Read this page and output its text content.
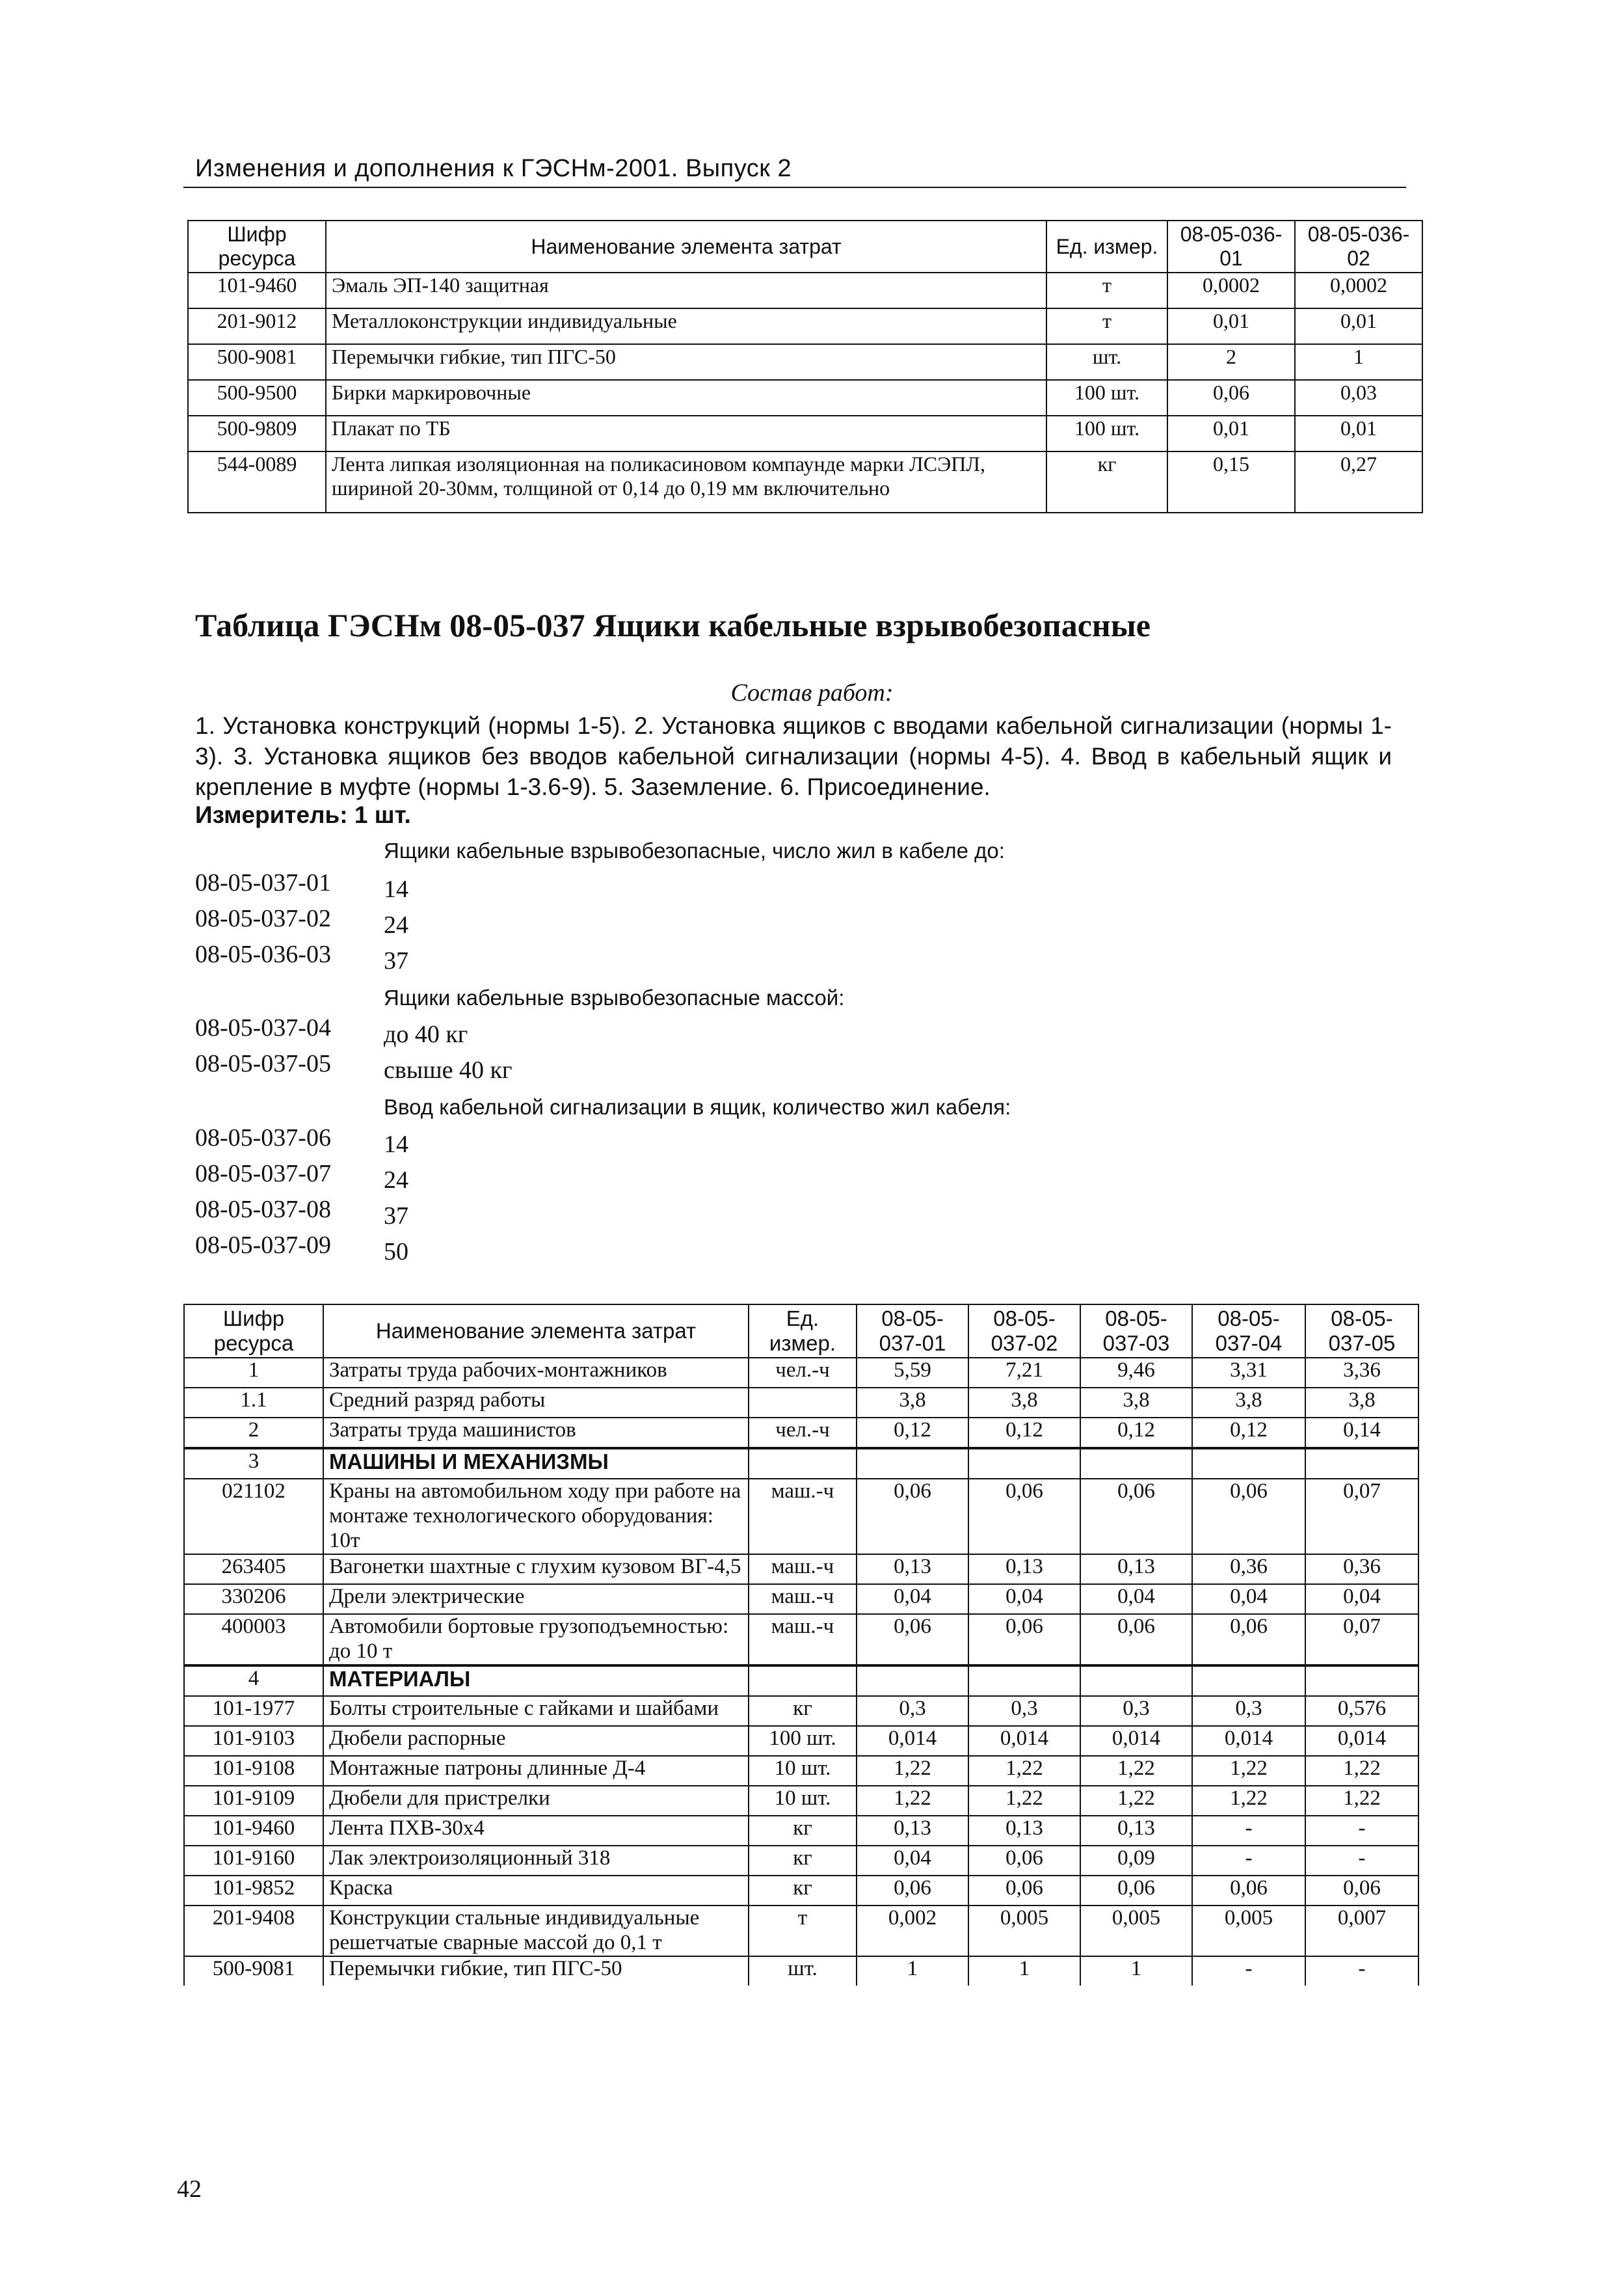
Изменения и дополнения к ГЭСНм-2001. Выпуск 2
Шифр ресурса	Наименование элемента затрат	Ед. измер.	08-05-036-01	08-05-036-02
101-9460	Эмаль ЭП-140 защитная	т	0,0002	0,0002
201-9012	Металлоконструкции индивидуальные	т	0,01	0,01
500-9081	Перемычки гибкие, тип ПГС-50	шт.	2	1
500-9500	Бирки маркировочные	100 шт.	0,06	0,03
500-9809	Плакат по ТБ	100 шт.	0,01	0,01
544-0089	Лента липкая изоляционная на поликасиновом компаунде марки ЛСЭПЛ, шириной 20-30мм, толщиной от 0,14 до 0,19 мм включительно	кг	0,15	0,27
Таблица ГЭСНм 08-05-037 Ящики кабельные взрывобезопасные
Состав работ:
1. Установка конструкций (нормы 1-5). 2. Установка ящиков с вводами кабельной сигнализации (нормы 1-3). 3. Установка ящиков без вводов кабельной сигнализации (нормы 4-5). 4. Ввод в кабельный ящик и крепление в муфте (нормы 1-3.6-9). 5. Заземление. 6. Присоединение.
Измеритель: 1 шт.
Ящики кабельные взрывобезопасные, число жил в кабеле до:
08-05-037-01 14
08-05-037-02 24
08-05-036-03 37
Ящики кабельные взрывобезопасные массой:
08-05-037-04 до 40 кг
08-05-037-05 свыше 40 кг
Ввод кабельной сигнализации в ящик, количество жил кабеля:
08-05-037-06 14
08-05-037-07 24
08-05-037-08 37
08-05-037-09 50
Шифр ресурса	Наименование элемента затрат	Ед. измер.	08-05-037-01	08-05-037-02	08-05-037-03	08-05-037-04	08-05-037-05
1	Затраты труда рабочих-монтажников	чел.-ч	5,59	7,21	9,46	3,31	3,36
1.1	Средний разряд работы		3,8	3,8	3,8	3,8	3,8
2	Затраты труда машинистов	чел.-ч	0,12	0,12	0,12	0,12	0,14
3	МАШИНЫ И МЕХАНИЗМЫ						
021102	Краны на автомобильном ходу при работе на монтаже технологического оборудования: 10т	маш.-ч	0,06	0,06	0,06	0,06	0,07
263405	Вагонетки шахтные с глухим кузовом ВГ-4,5	маш.-ч	0,13	0,13	0,13	0,36	0,36
330206	Дрели электрические	маш.-ч	0,04	0,04	0,04	0,04	0,04
400003	Автомобили бортовые грузоподъемностью: до 10 т	маш.-ч	0,06	0,06	0,06	0,06	0,07
4	МАТЕРИАЛЫ						
101-1977	Болты строительные с гайками и шайбами	кг	0,3	0,3	0,3	0,3	0,576
101-9103	Дюбели распорные	100 шт.	0,014	0,014	0,014	0,014	0,014
101-9108	Монтажные патроны длинные Д-4	10 шт.	1,22	1,22	1,22	1,22	1,22
101-9109	Дюбели для пристрелки	10 шт.	1,22	1,22	1,22	1,22	1,22
101-9460	Лента ПХВ-30х4	кг	0,13	0,13	0,13	-	-
101-9160	Лак электроизоляционный 318	кг	0,04	0,06	0,09	-	-
101-9852	Краска	кг	0,06	0,06	0,06	0,06	0,06
201-9408	Конструкции стальные индивидуальные решетчатые сварные массой до 0,1 т	т	0,002	0,005	0,005	0,005	0,007
500-9081	Перемычки гибкие, тип ПГС-50	шт.	1	1	1	-	-
42
